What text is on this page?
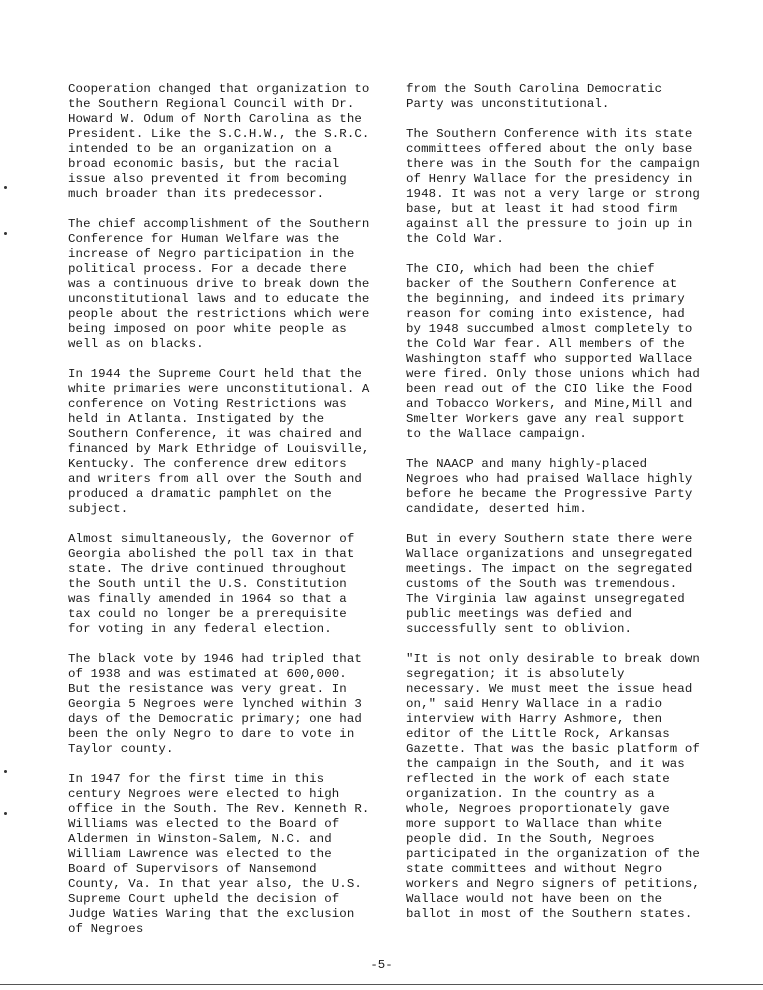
Cooperation changed that organization to the Southern Regional Council with Dr. Howard W. Odum of North Carolina as the President. Like the S.C.H.W., the S.R.C. intended to be an organization on a broad economic basis, but the racial issue also prevented it from becoming much broader than its predecessor.

The chief accomplishment of the Southern Conference for Human Welfare was the increase of Negro participation in the political process. For a decade there was a continuous drive to break down the unconstitutional laws and to educate the people about the restrictions which were being imposed on poor white people as well as on blacks.

In 1944 the Supreme Court held that the white primaries were unconstitutional. A conference on Voting Restrictions was held in Atlanta. Instigated by the Southern Conference, it was chaired and financed by Mark Ethridge of Louisville, Kentucky. The conference drew editors and writers from all over the South and produced a dramatic pamphlet on the subject.

Almost simultaneously, the Governor of Georgia abolished the poll tax in that state. The drive continued throughout the South until the U.S. Constitution was finally amended in 1964 so that a tax could no longer be a prerequisite for voting in any federal election.

The black vote by 1946 had tripled that of 1938 and was estimated at 600,000. But the resistance was very great. In Georgia 5 Negroes were lynched within 3 days of the Democratic primary; one had been the only Negro to dare to vote in Taylor county.

In 1947 for the first time in this century Negroes were elected to high office in the South. The Rev. Kenneth R. Williams was elected to the Board of Aldermen in Winston-Salem, N.C. and William Lawrence was elected to the Board of Supervisors of Nansemond County, Va. In that year also, the U.S. Supreme Court upheld the decision of Judge Waties Waring that the exclusion of Negroes

from the South Carolina Democratic Party was unconstitutional.

The Southern Conference with its state committees offered about the only base there was in the South for the campaign of Henry Wallace for the presidency in 1948. It was not a very large or strong base, but at least it had stood firm against all the pressure to join up in the Cold War.

The CIO, which had been the chief backer of the Southern Conference at the beginning, and indeed its primary reason for coming into existence, had by 1948 succumbed almost completely to the Cold War fear. All members of the Washington staff who supported Wallace were fired. Only those unions which had been read out of the CIO like the Food and Tobacco Workers, and Mine,Mill and Smelter Workers gave any real support to the Wallace campaign.

The NAACP and many highly-placed Negroes who had praised Wallace highly before he became the Progressive Party candidate, deserted him.

But in every Southern state there were Wallace organizations and unsegregated meetings. The impact on the segregated customs of the South was tremendous. The Virginia law against unsegregated public meetings was defied and successfully sent to oblivion.

"It is not only desirable to break down segregation; it is absolutely necessary. We must meet the issue head on," said Henry Wallace in a radio interview with Harry Ashmore, then editor of the Little Rock, Arkansas Gazette. That was the basic platform of the campaign in the South, and it was reflected in the work of each state organization. In the country as a whole, Negroes proportionately gave more support to Wallace than white people did. In the South, Negroes participated in the organization of the state committees and without Negro workers and Negro signers of petitions, Wallace would not have been on the ballot in most of the Southern states.

-5-
